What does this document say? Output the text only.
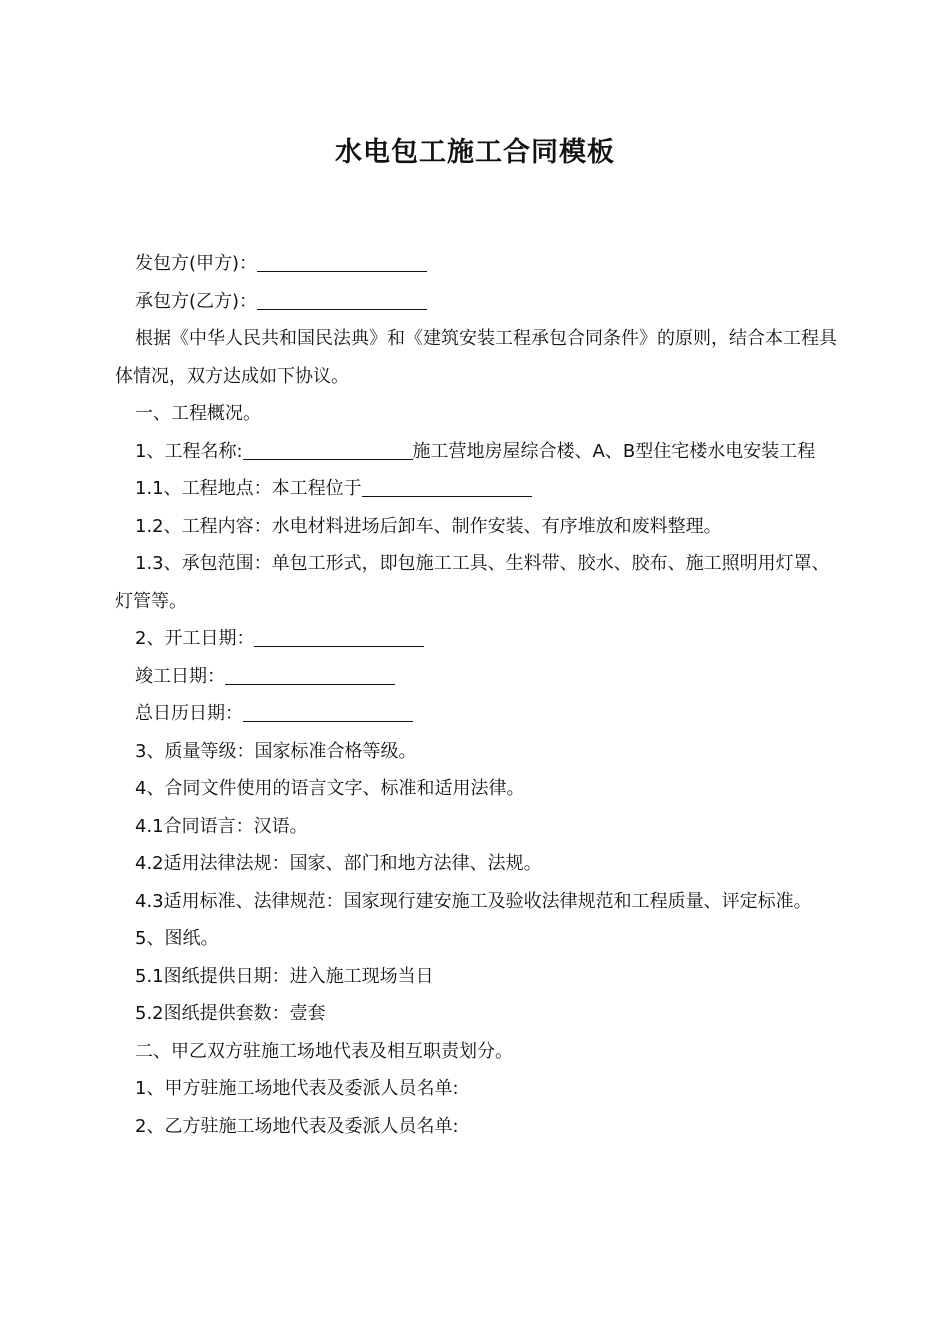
水电包工施工合同模板

发包方(甲方)：

承包方(乙方)：

根据《中华人民共和国民法典》和《建筑安装工程承包合同条件》的原则，结合本工程具体情况，双方达成如下协议。

一、工程概况。

1、工程名称:	施工营地房屋综合楼、A、B型住宅楼水电安装工程

1.1、工程地点：本工程位于

1.2、工程内容：水电材料进场后卸车、制作安装、有序堆放和废料整理。

1.3、承包范围：单包工形式，即包施工工具、生料带、胶水、胶布、施工照明用灯罩、灯管等。

2、开工日期：

竣工日期：

总日历日期：

3、质量等级：国家标准合格等级。

4、合同文件使用的语言文字、标准和适用法律。

4.1合同语言：汉语。

4.2适用法律法规：国家、部门和地方法律、法规。

4.3适用标准、法律规范：国家现行建安施工及验收法律规范和工程质量、评定标准。

5、图纸。

5.1图纸提供日期：进入施工现场当日

5.2图纸提供套数：壹套

二、甲乙双方驻施工场地代表及相互职责划分。

1、甲方驻施工场地代表及委派人员名单:

2、乙方驻施工场地代表及委派人员名单:
